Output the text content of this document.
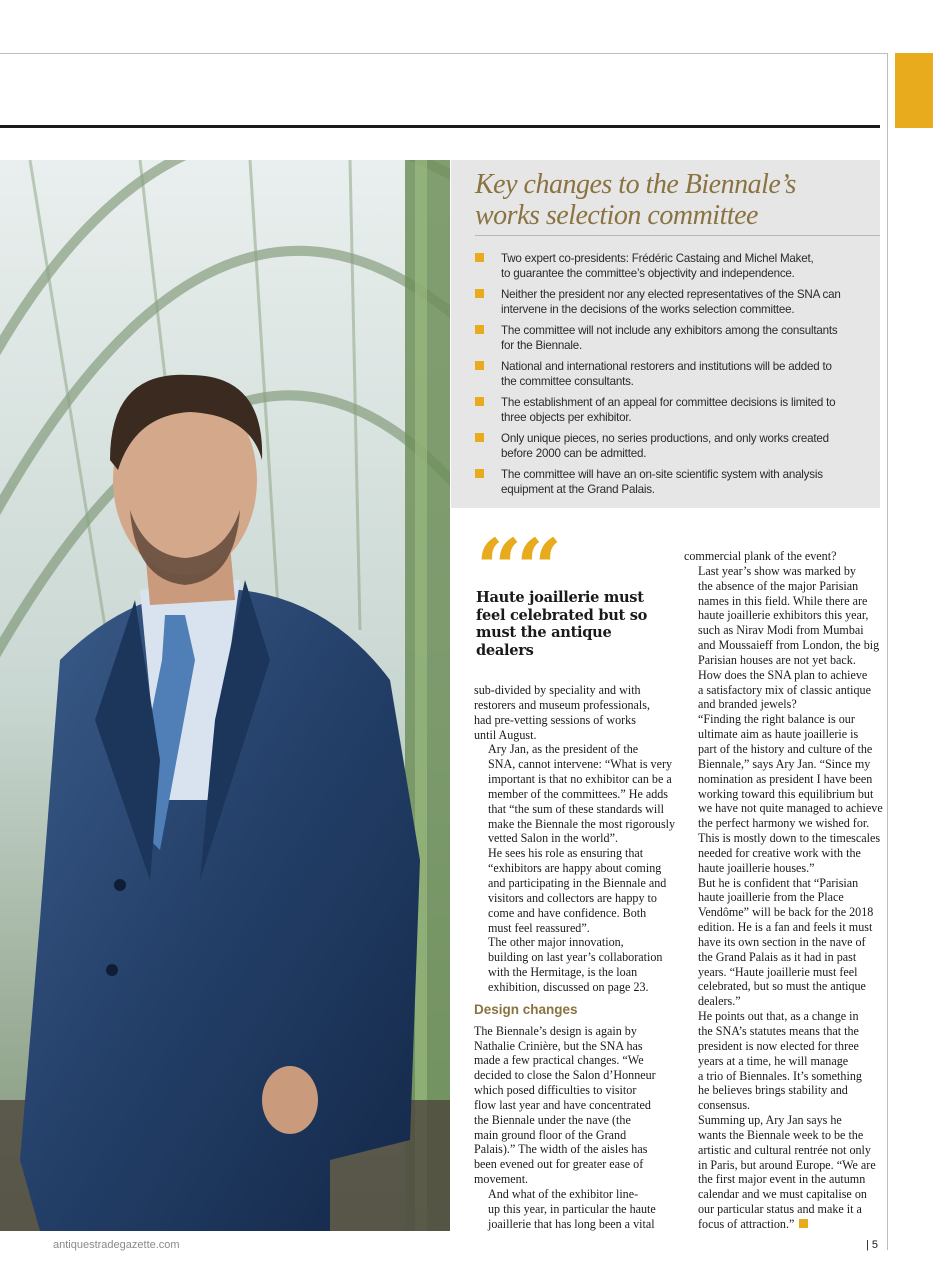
Key changes to the Biennale’s
works selection committee
Two expert co-presidents: Frédéric Castaing and Michel Maket,
to guarantee the committee’s objectivity and independence.
Neither the president nor any elected representatives of the SNA can
intervene in the decisions of the works selection committee.
The committee will not include any exhibitors among the consultants
for the Biennale.
National and international restorers and institutions will be added to
the committee consultants.
The establishment of an appeal for committee decisions is limited to
three objects per exhibitor.
Only unique pieces, no series productions, and only works created
before 2000 can be admitted.
The committee will have an on-site scientific system with analysis
equipment at the Grand Palais.
““

Haute joaillerie must
feel celebrated but so
must the antique dealers

sub-divided by speciality and with
restorers and museum professionals,
had pre-vetting sessions of works
until August.

Ary Jan, as the president of the
SNA, cannot intervene: “What is very
important is that no exhibitor can be a
member of the committees.” He adds
that “the sum of these standards will
make the Biennale the most rigorously
vetted Salon in the world”.

He sees his role as ensuring that
“exhibitors are happy about coming
and participating in the Biennale and
visitors and collectors are happy to
come and have confidence. Both
must feel reassured”.

The other major innovation,
building on last year’s collaboration
with the Hermitage, is the loan
exhibition, discussed on page 23.

Design changes

The Biennale’s design is again by
Nathalie Crinière, but the SNA has
made a few practical changes. “We
decided to close the Salon d’Honneur
which posed difficulties to visitor
flow last year and have concentrated
the Biennale under the nave (the
main ground floor of the Grand
Palais).” The width of the aisles has
been evened out for greater ease of
movement.

And what of the exhibitor line-
up this year, in particular the haute
joaillerie that has long been a vital

commercial plank of the event?

Last year’s show was marked by
the absence of the major Parisian
names in this field. While there are
haute joaillerie exhibitors this year,
such as Nirav Modi from Mumbai
and Moussaieff from London, the big
Parisian houses are not yet back.

How does the SNA plan to achieve
a satisfactory mix of classic antique
and branded jewels?

“Finding the right balance is our
ultimate aim as haute joaillerie is
part of the history and culture of the
Biennale,” says Ary Jan. “Since my
nomination as president I have been
working toward this equilibrium but
we have not quite managed to achieve
the perfect harmony we wished for.
This is mostly down to the timescales
needed for creative work with the
haute joaillerie houses.”

But he is confident that “Parisian
haute joaillerie from the Place
Vendôme” will be back for the 2018
edition. He is a fan and feels it must
have its own section in the nave of
the Grand Palais as it had in past
years. “Haute joaillerie must feel
celebrated, but so must the antique
dealers.”

He points out that, as a change in
the SNA’s statutes means that the
president is now elected for three
years at a time, he will manage
a trio of Biennales. It’s something
he believes brings stability and
consensus.

Summing up, Ary Jan says he
wants the Biennale week to be the
artistic and cultural rentrée not only
in Paris, but around Europe. “We are
the first major event in the autumn
calendar and we must capitalise on
our particular status and make it a
focus of attraction.”

antiquestradegazette.com	| 5
